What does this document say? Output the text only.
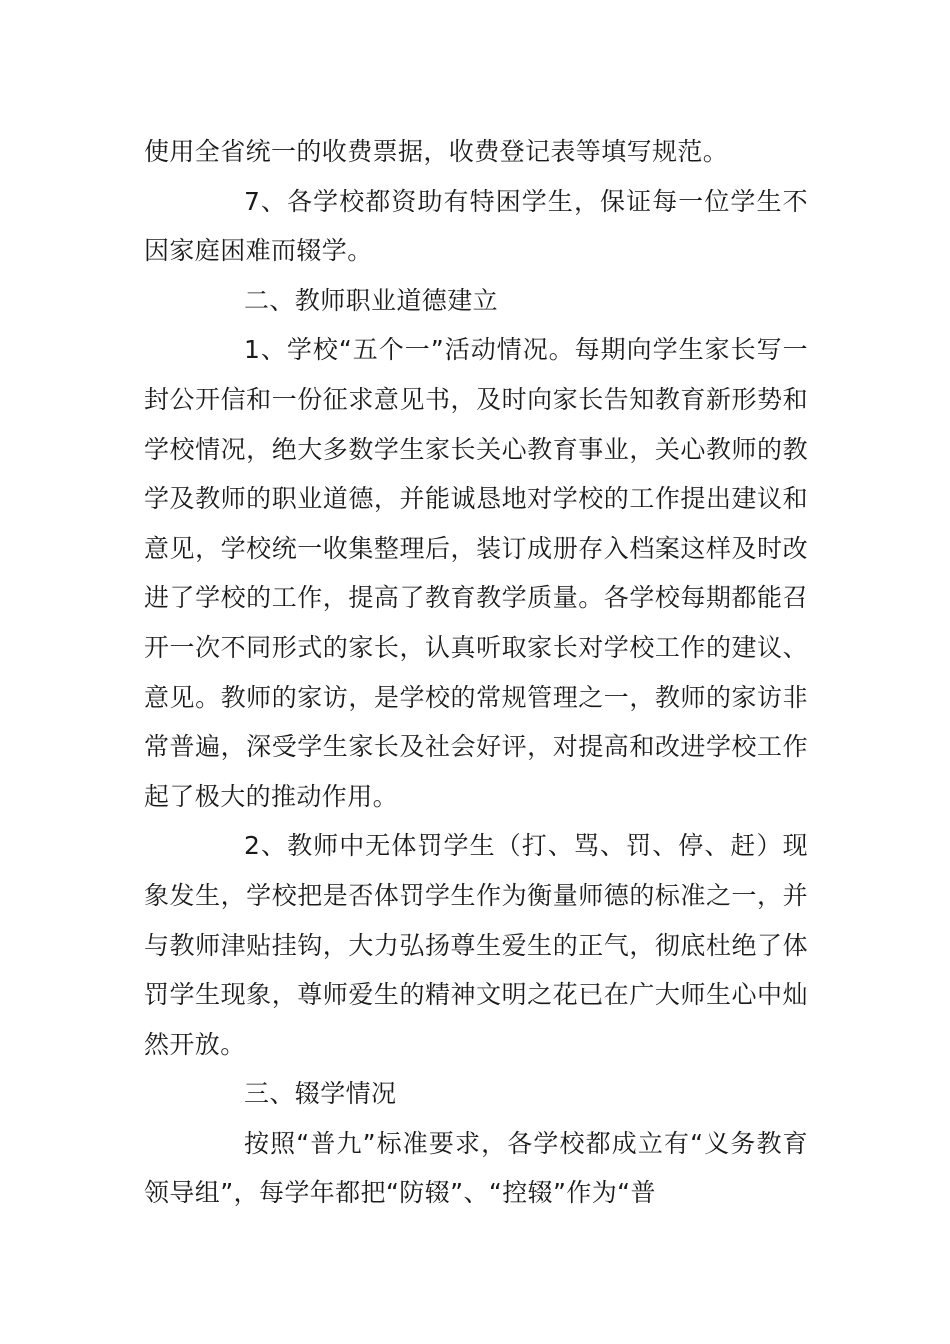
使用全省统一的收费票据，收费登记表等填写规范。

7、各学校都资助有特困学生，保证每一位学生不因家庭困难而辍学。

二、教师职业道德建立

1、学校“五个一”活动情况。每期向学生家长写一封公开信和一份征求意见书，及时向家长告知教育新形势和学校情况，绝大多数学生家长关心教育事业，关心教师的教学及教师的职业道德，并能诚恳地对学校的工作提出建议和意见，学校统一收集整理后，装订成册存入档案这样及时改进了学校的工作，提高了教育教学质量。各学校每期都能召开一次不同形式的家长，认真听取家长对学校工作的建议、意见。教师的家访，是学校的常规管理之一，教师的家访非常普遍，深受学生家长及社会好评，对提高和改进学校工作起了极大的推动作用。

2、教师中无体罚学生（打、骂、罚、停、赶）现象发生，学校把是否体罚学生作为衡量师德的标准之一，并与教师津贴挂钩，大力弘扬尊生爱生的正气，彻底杜绝了体罚学生现象，尊师爱生的精神文明之花已在广大师生心中灿然开放。

三、辍学情况

按照“普九”标准要求，各学校都成立有“义务教育领导组”，每学年都把“防辍”、“控辍”作为“普
